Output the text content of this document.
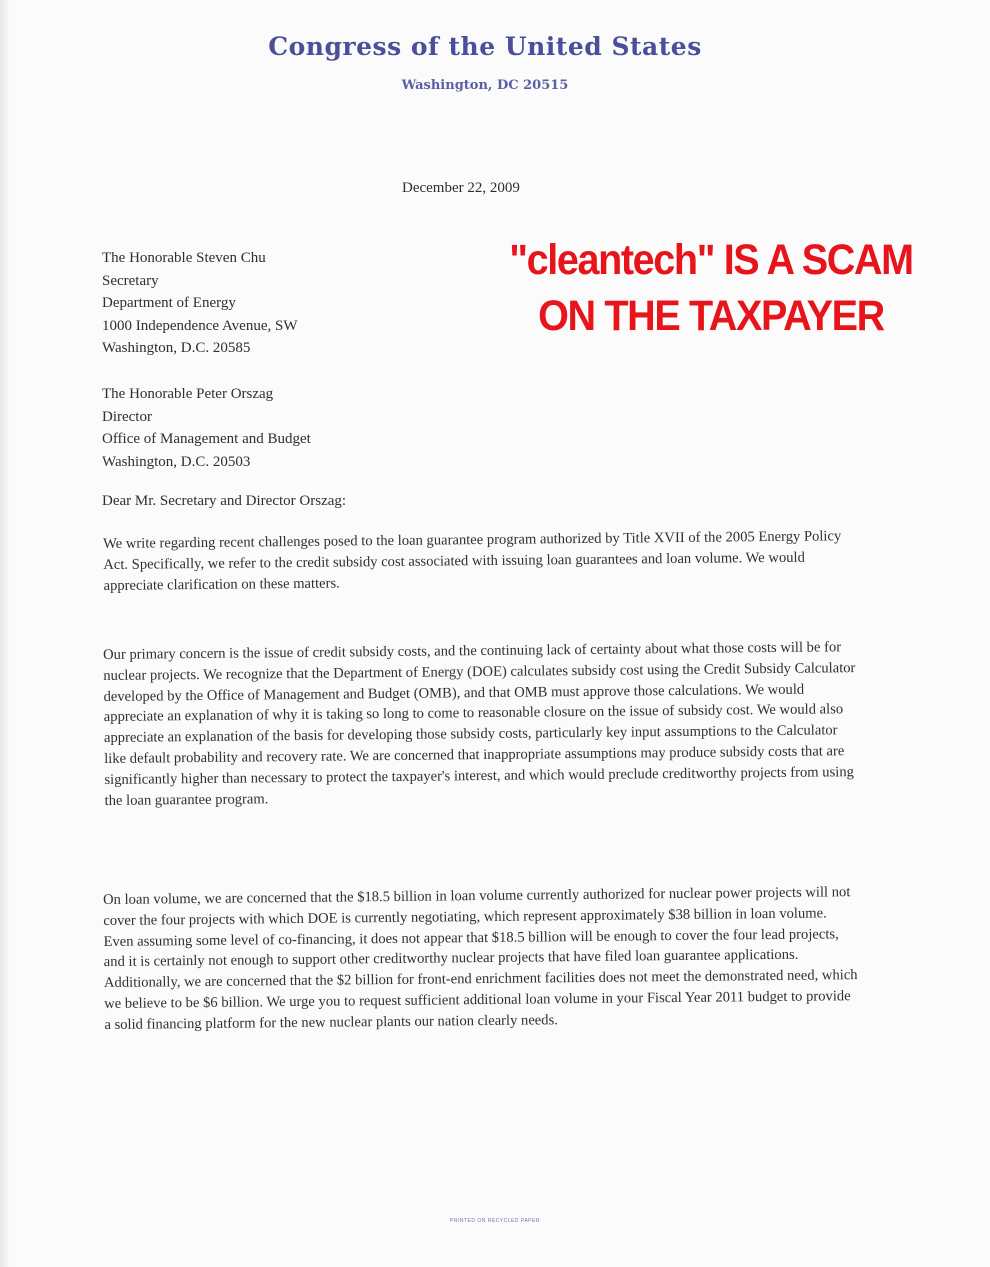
Congress of the United States
Washington, DC 20515
December 22, 2009
The Honorable Steven Chu
Secretary
Department of Energy
1000 Independence Avenue, SW
Washington, D.C. 20585
The Honorable Peter Orszag
Director
Office of Management and Budget
Washington, D.C. 20503
Dear Mr. Secretary and Director Orszag:
We write regarding recent challenges posed to the loan guarantee program authorized by Title XVII of the 2005 Energy Policy Act. Specifically, we refer to the credit subsidy cost associated with issuing loan guarantees and loan volume. We would appreciate clarification on these matters.
Our primary concern is the issue of credit subsidy costs, and the continuing lack of certainty about what those costs will be for nuclear projects. We recognize that the Department of Energy (DOE) calculates subsidy cost using the Credit Subsidy Calculator developed by the Office of Management and Budget (OMB), and that OMB must approve those calculations. We would appreciate an explanation of why it is taking so long to come to reasonable closure on the issue of subsidy cost. We would also appreciate an explanation of the basis for developing those subsidy costs, particularly key input assumptions to the Calculator like default probability and recovery rate. We are concerned that inappropriate assumptions may produce subsidy costs that are significantly higher than necessary to protect the taxpayer's interest, and which would preclude creditworthy projects from using the loan guarantee program.
On loan volume, we are concerned that the $18.5 billion in loan volume currently authorized for nuclear power projects will not cover the four projects with which DOE is currently negotiating, which represent approximately $38 billion in loan volume. Even assuming some level of co-financing, it does not appear that $18.5 billion will be enough to cover the four lead projects, and it is certainly not enough to support other creditworthy nuclear projects that have filed loan guarantee applications. Additionally, we are concerned that the $2 billion for front-end enrichment facilities does not meet the demonstrated need, which we believe to be $6 billion. We urge you to request sufficient additional loan volume in your Fiscal Year 2011 budget to provide a solid financing platform for the new nuclear plants our nation clearly needs.
PRINTED ON RECYCLED PAPER
"cleantech" IS A SCAM
ON THE TAXPAYER
